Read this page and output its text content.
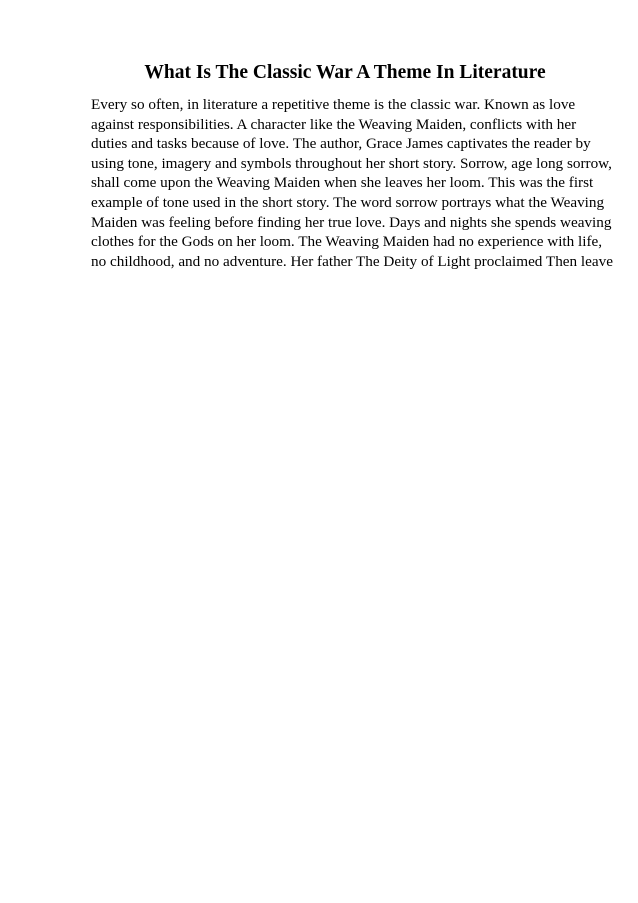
What Is The Classic War A Theme In Literature
Every so often, in literature a repetitive theme is the classic war. Known as love
against responsibilities. A character like the Weaving Maiden, conflicts with her
duties and tasks because of love. The author, Grace James captivates the reader by
using tone, imagery and symbols throughout her short story. Sorrow, age long sorrow,
shall come upon the Weaving Maiden when she leaves her loom. This was the first
example of tone used in the short story. The word sorrow portrays what the Weaving
Maiden was feeling before finding her true love. Days and nights she spends weaving
clothes for the Gods on her loom. The Weaving Maiden had no experience with life,
no childhood, and no adventure. Her father The Deity of Light proclaimed Then leave
